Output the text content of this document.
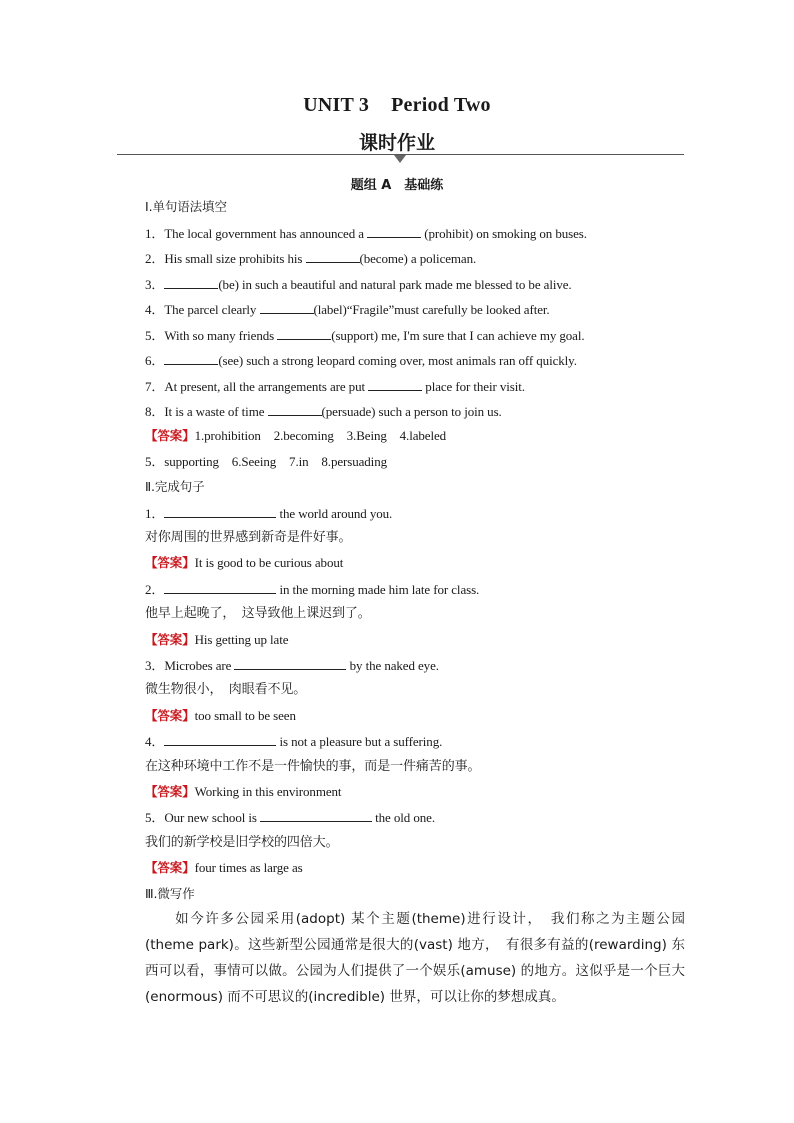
UNIT 3 Period Two
课时作业
题组 A　基础练
Ⅰ.单句语法填空
1．The local government has announced a	(prohibit) on smoking on buses.
2．His small size prohibits his	(become) a policeman.
3．	(be) in such a beautiful and natural park made me blessed to be alive.
4．The parcel clearly	(label)“Fragile”must carefully be looked after.
5．With so many friends	(support) me, I'm sure that I can achieve my goal.
6．	(see) such a strong leopard coming over, most animals ran off quickly.
7．At present, all the arrangements are put	place for their visit.
8．It is a waste of time	(persuade) such a person to join us.
【答案】1.prohibition　2.becoming　3.Being　4.labeled
5．supporting　6.Seeing　7.in　8.persuading
Ⅱ.完成句子
1．	the world around you.
对你周围的世界感到新奇是件好事。
【答案】It is good to be curious about
2．	in the morning made him late for class.
他早上起晚了，　这导致他上课迟到了。
【答案】His getting up late
3．Microbes are	by the naked eye.
微生物很小，　肉眼看不见。
【答案】too small to be seen
4．	is not a pleasure but a suffering.
在这种环境中工作不是一件愉快的事，而是一件痛苦的事。
【答案】Working in this environment
5．Our new school is	the old one.
我们的新学校是旧学校的四倍大。
【答案】four times as large as
Ⅲ.微写作
　　如今许多公园采用(adopt) 某个主题(theme)进行设计，　我们称之为主题公园(theme park)。这些新型公园通常是很大的(vast) 地方，　有很多有益的(rewarding) 东西可以看，事情可以做。公园为人们提供了一个娱乐(amuse) 的地方。这似乎是一个巨大(enormous) 而不可思议的(incredible) 世界，可以让你的梦想成真。
